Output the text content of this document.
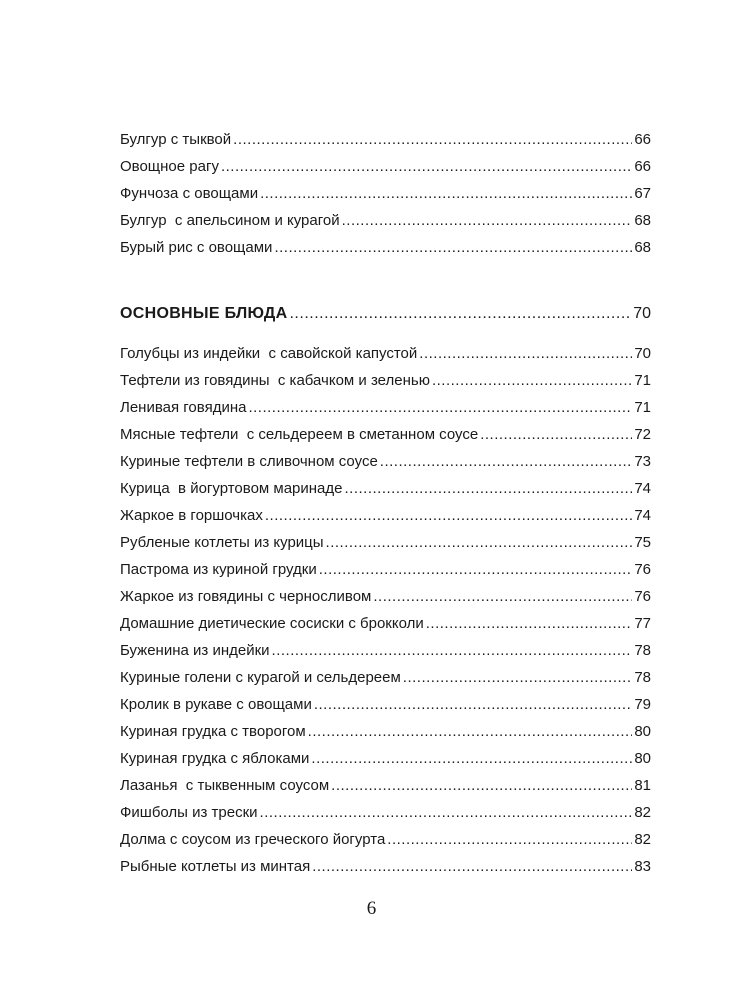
Булгур с тыквой .....	66
Овощное рагу .....	66
Фунчоза с овощами .....	67
Булгур  с апельсином и курагой .....	68
Бурый рис с овощами .....	68
ОСНОВНЫЕ БЛЮДА .....	70
Голубцы из индейки  с савойской капустой .....	70
Тефтели из говядины  с кабачком и зеленью .....	71
Ленивая говядина .....	71
Мясные тефтели  с сельдереем в сметанном соусе .....	72
Куриные тефтели в сливочном соусе .....	73
Курица  в йогуртовом маринаде .....	74
Жаркое в горшочках .....	74
Рубленые котлеты из курицы .....	75
Пастрома из куриной грудки .....	76
Жаркое из говядины с черносливом .....	76
Домашние диетические сосиски с брокколи .....	77
Буженина из индейки .....	78
Куриные голени с курагой и сельдереем .....	78
Кролик в рукаве с овощами .....	79
Куриная грудка с творогом .....	80
Куриная грудка с яблоками .....	80
Лазанья  с тыквенным соусом .....	81
Фишболы из трески .....	82
Долма с соусом из греческого йогурта .....	82
Рыбные котлеты из минтая .....	83
6
